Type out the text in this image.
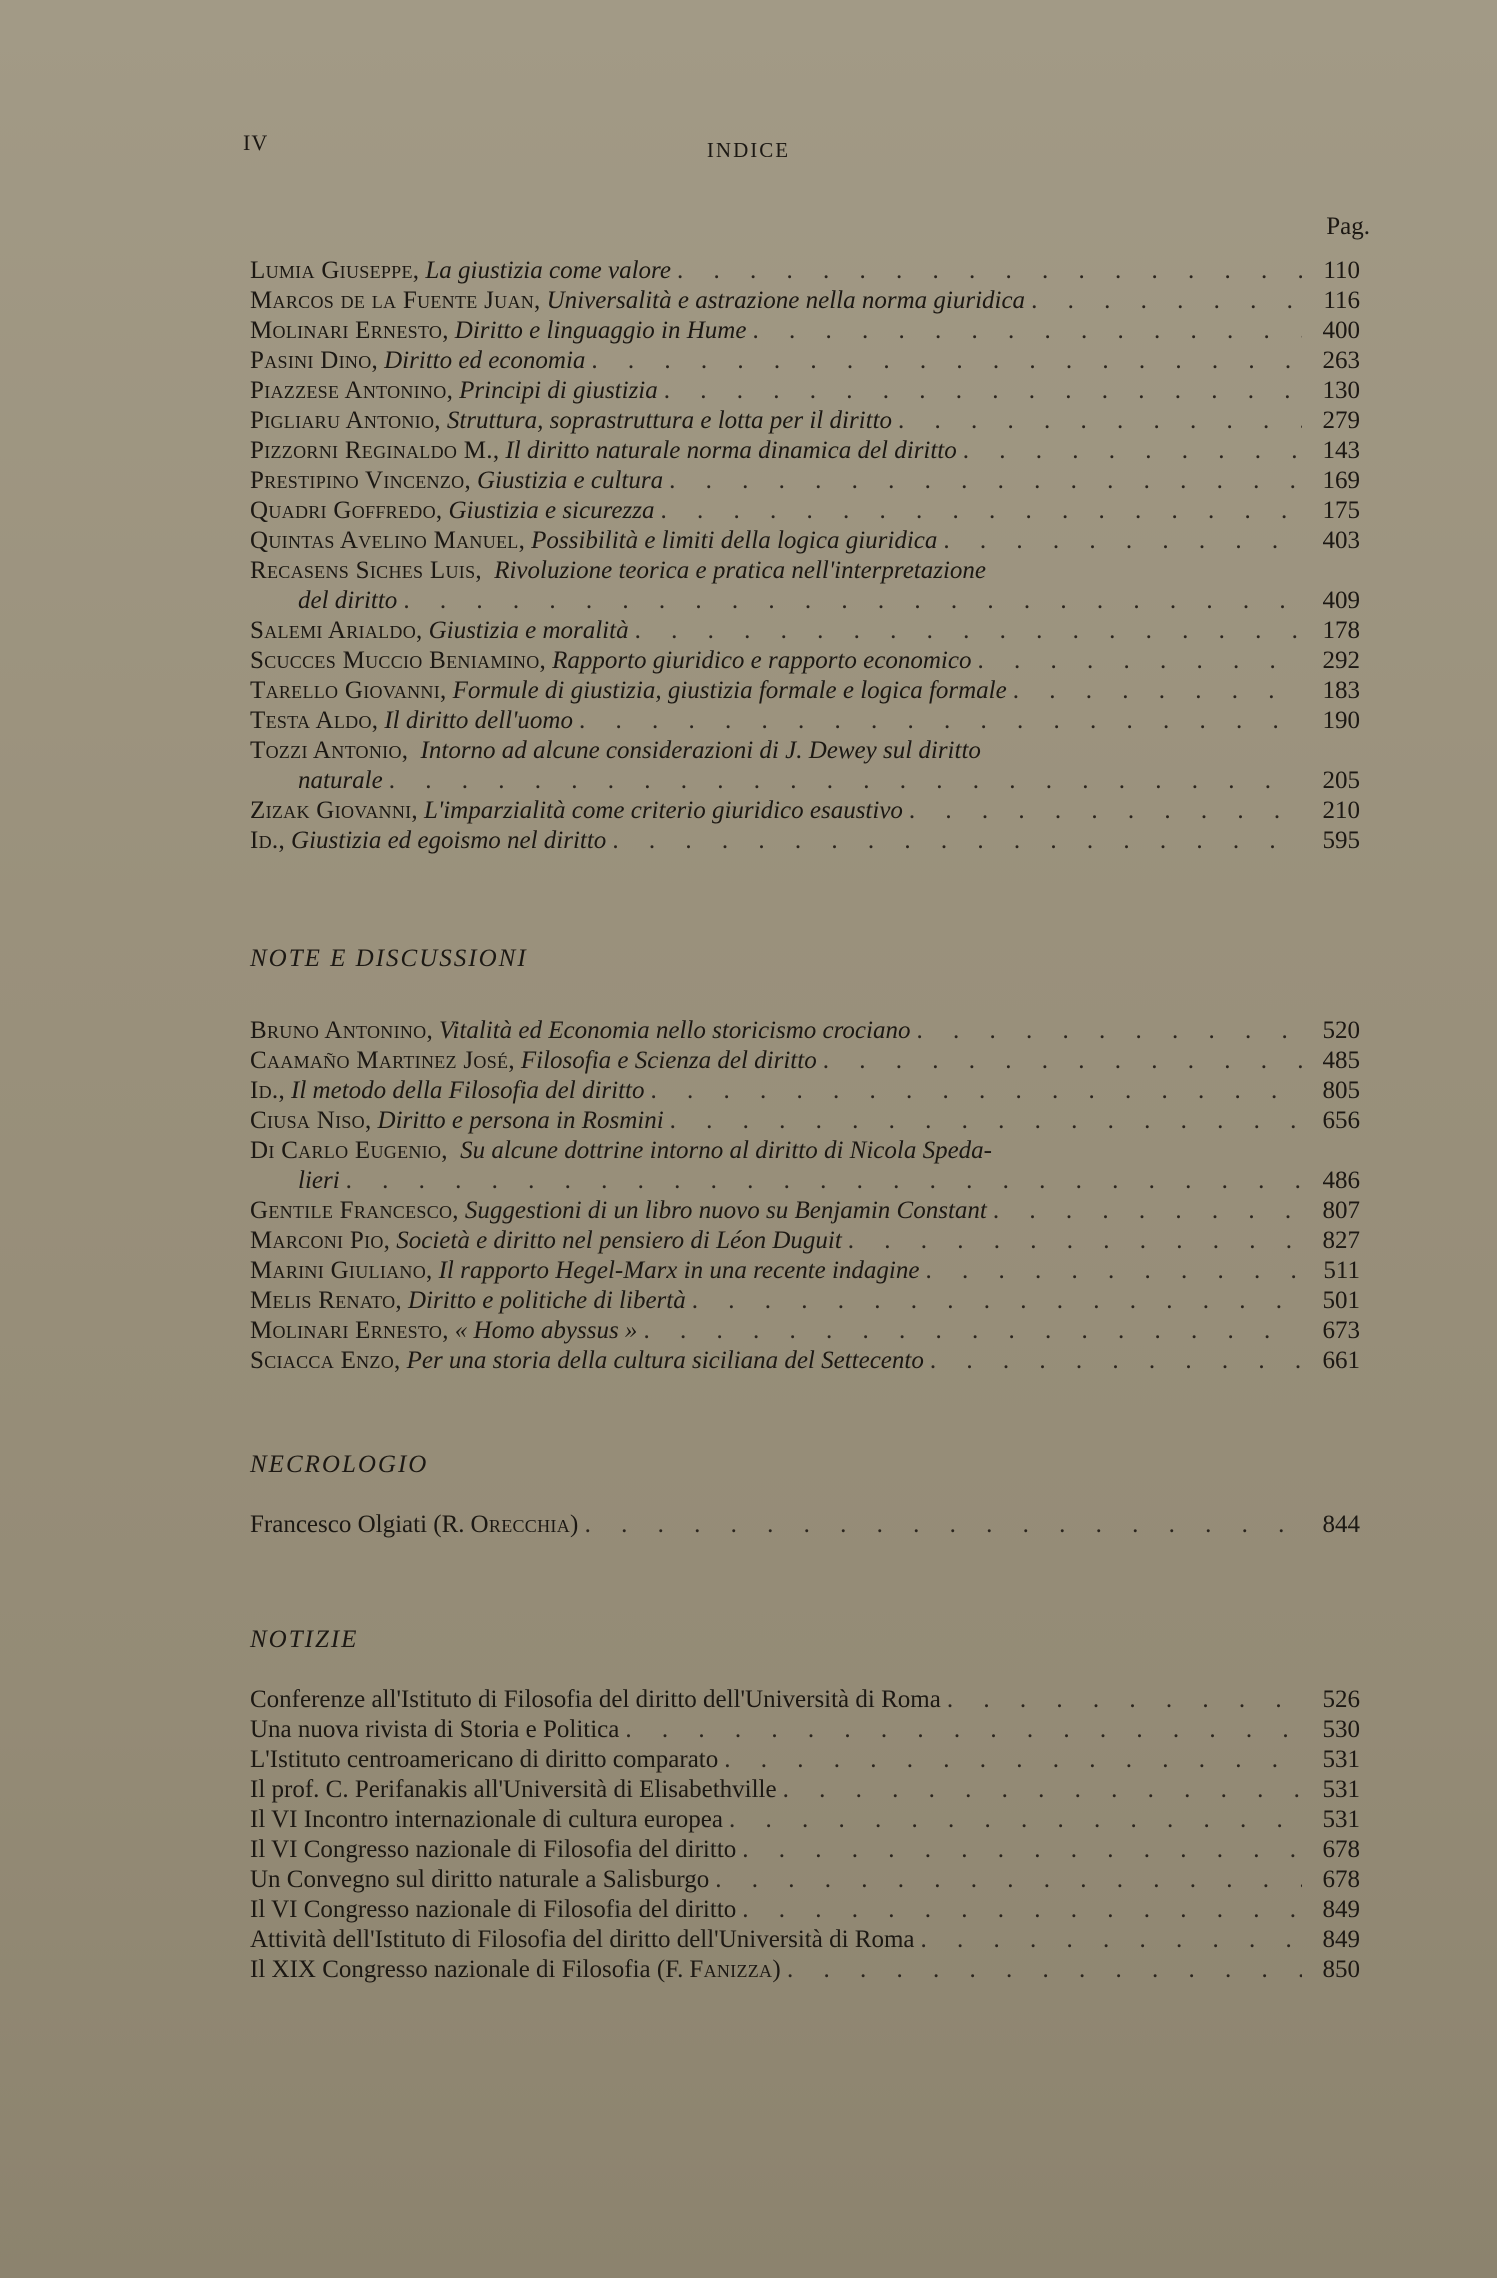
IV	INDICE
Pag.
Lumia Giuseppe, La giustizia come valore . . .	110
Marcos de la Fuente Juan, Universalità e astrazione nella norma giuridica . . .	116
Molinari Ernesto, Diritto e linguaggio in Hume . . .	400
Pasini Dino, Diritto ed economia . . .	263
Piazzese Antonino, Principi di giustizia . . .	130
Pigliaru Antonio, Struttura, soprastruttura e lotta per il diritto . . .	279
Pizzorni Reginaldo M., Il diritto naturale norma dinamica del diritto . . .	143
Prestipino Vincenzo, Giustizia e cultura . . .	169
Quadri Goffredo, Giustizia e sicurezza . . .	175
Quintas Avelino Manuel, Possibilità e limiti della logica giuridica . . .	403
Recasens Siches Luis, Rivoluzione teorica e pratica nell'interpretazione
del diritto . . .	409
Salemi Arialdo, Giustizia e moralità . . .	178
Scucces Muccio Beniamino, Rapporto giuridico e rapporto economico . . .	292
Tarello Giovanni, Formule di giustizia, giustizia formale e logica formale . . .	183
Testa Aldo, Il diritto dell'uomo . . .	190
Tozzi Antonio, Intorno ad alcune considerazioni di J. Dewey sul diritto
naturale . . .	205
Zizak Giovanni, L'imparzialità come criterio giuridico esaustivo . . .	210
Id., Giustizia ed egoismo nel diritto . . .	595
NOTE E DISCUSSIONI
Bruno Antonino, Vitalità ed Economia nello storicismo crociano . . .	520
Caamaño Martinez José, Filosofia e Scienza del diritto . . .	485
Id., Il metodo della Filosofia del diritto . . .	805
Ciusa Niso, Diritto e persona in Rosmini . . .	656
Di Carlo Eugenio, Su alcune dottrine intorno al diritto di Nicola Speda-
lieri . . .	486
Gentile Francesco, Suggestioni di un libro nuovo su Benjamin Constant . . .	807
Marconi Pio, Società e diritto nel pensiero di Léon Duguit . . .	827
Marini Giuliano, Il rapporto Hegel-Marx in una recente indagine . . .	511
Melis Renato, Diritto e politiche di libertà . . .	501
Molinari Ernesto, « Homo abyssus » . . .	673
Sciacca Enzo, Per una storia della cultura siciliana del Settecento . . .	661
NECROLOGIO
Francesco Olgiati (R. Orecchia) . . .	844
NOTIZIE
Conferenze all'Istituto di Filosofia del diritto dell'Università di Roma . . .	526
Una nuova rivista di Storia e Politica . . .	530
L'Istituto centroamericano di diritto comparato . . .	531
Il prof. C. Perifanakis all'Università di Elisabethville . . .	531
Il VI Incontro internazionale di cultura europea . . .	531
Il VI Congresso nazionale di Filosofia del diritto . . .	678
Un Convegno sul diritto naturale a Salisburgo . . .	678
Il VI Congresso nazionale di Filosofia del diritto . . .	849
Attività dell'Istituto di Filosofia del diritto dell'Università di Roma . . .	849
Il XIX Congresso nazionale di Filosofia (F. Fanizza) . . .	850
